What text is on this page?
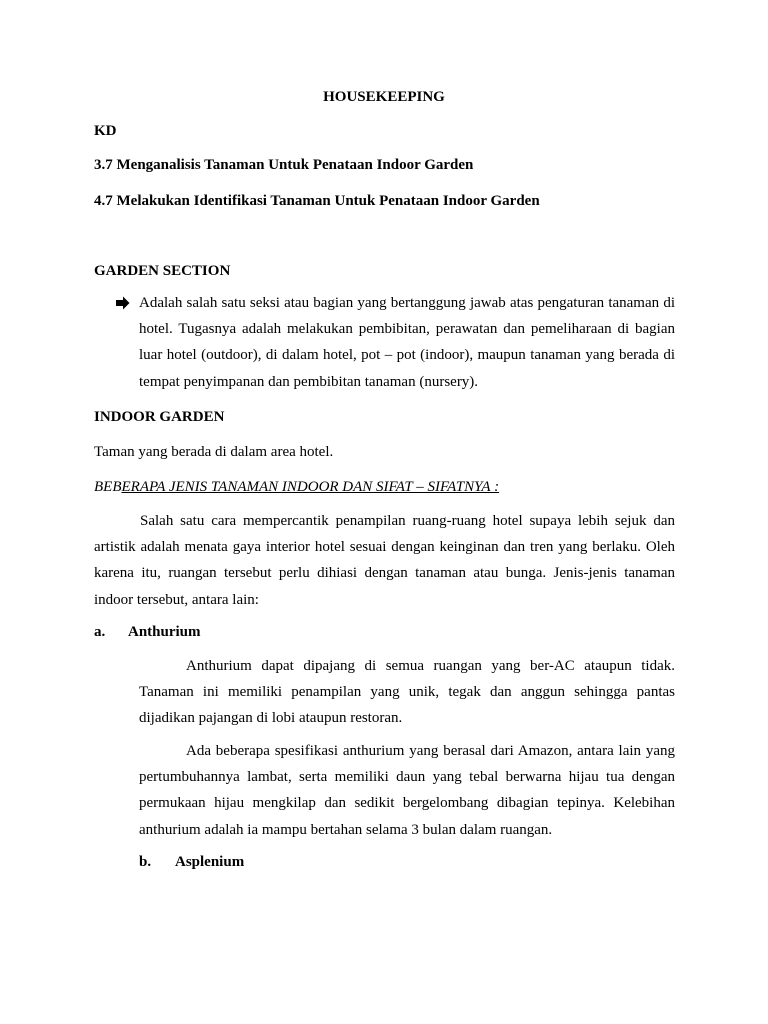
HOUSEKEEPING
KD
3.7 Menganalisis Tanaman Untuk Penataan Indoor Garden
4.7 Melakukan Identifikasi Tanaman Untuk Penataan Indoor Garden
GARDEN SECTION
Adalah salah satu seksi atau bagian yang bertanggung jawab atas pengaturan tanaman di hotel. Tugasnya adalah melakukan pembibitan, perawatan dan pemeliharaan di bagian luar hotel (outdoor), di dalam hotel, pot – pot (indoor), maupun tanaman yang berada di tempat penyimpanan dan pembibitan tanaman (nursery).
INDOOR GARDEN
Taman yang berada di dalam area hotel.
BEBERAPA JENIS TANAMAN INDOOR DAN SIFAT – SIFATNYA :
Salah satu cara mempercantik penampilan ruang-ruang hotel supaya lebih sejuk dan artistik adalah menata gaya interior hotel sesuai dengan keinginan dan tren yang berlaku. Oleh karena itu, ruangan tersebut perlu dihiasi dengan tanaman atau bunga. Jenis-jenis tanaman indoor tersebut, antara lain:
a. Anthurium
Anthurium dapat dipajang di semua ruangan yang ber-AC ataupun tidak. Tanaman ini memiliki penampilan yang unik, tegak dan anggun sehingga pantas dijadikan pajangan di lobi ataupun restoran.
Ada beberapa spesifikasi anthurium yang berasal dari Amazon, antara lain yang pertumbuhannya lambat, serta memiliki daun yang tebal berwarna hijau tua dengan permukaan hijau mengkilap dan sedikit bergelombang dibagian tepinya. Kelebihan anthurium adalah ia mampu bertahan selama 3 bulan dalam ruangan.
b. Asplenium
